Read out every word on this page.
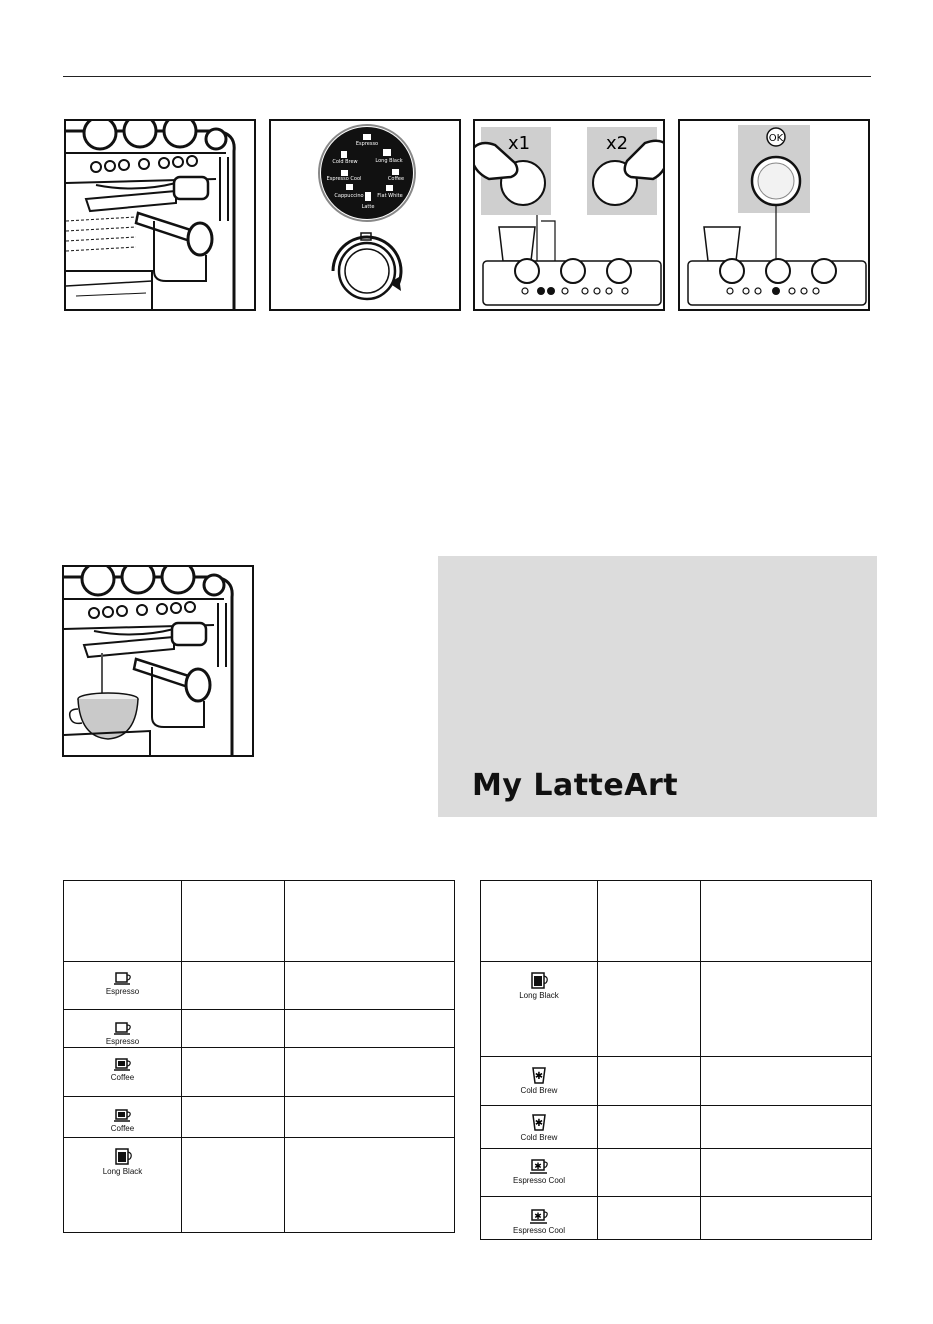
Espresso
Cold Brew	Long Black
Espresso Cool	Coffee
Cappuccino	Flat White
Latte
x1	x2	OK
My LatteArt

Espresso		

Espresso		

Coffee		

Coffee		

Long Black		

Long Black		

✱
Cold Brew		

✱
Cold Brew		

✱
Espresso Cool		

✱
Espresso Cool		
